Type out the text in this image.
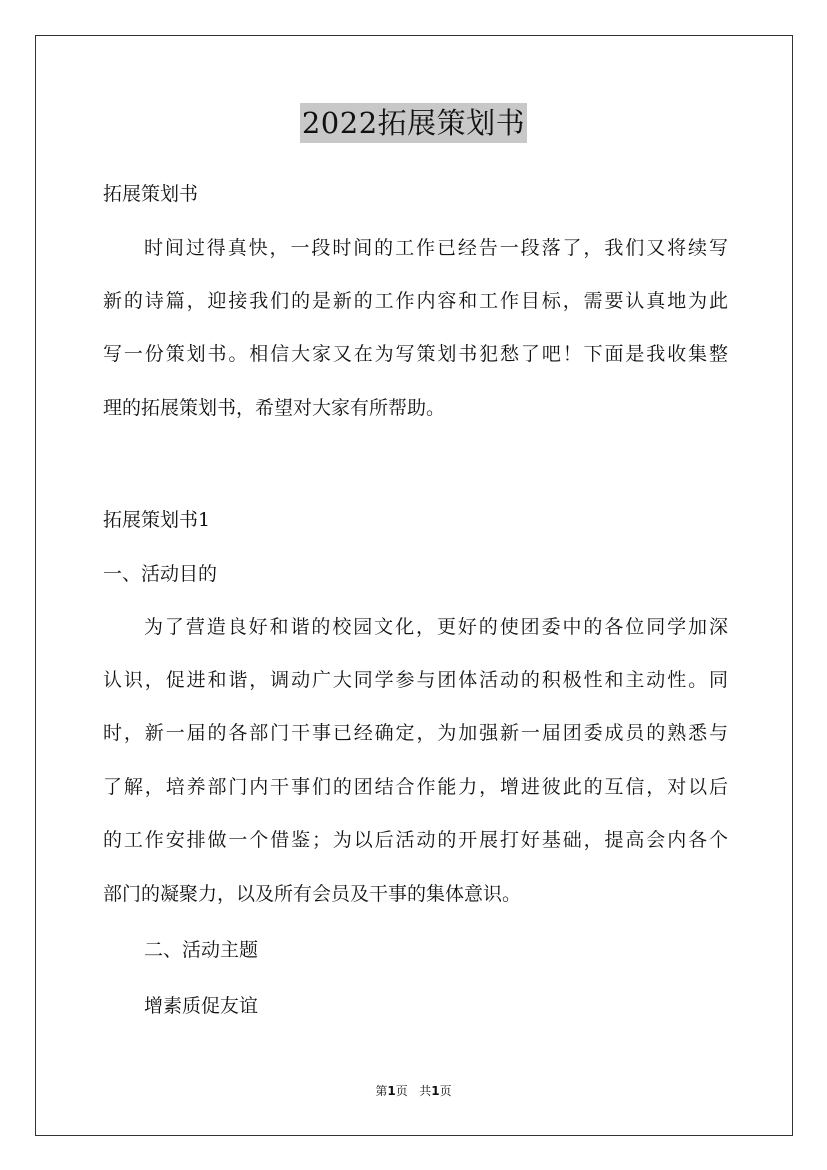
2022拓展策划书
拓展策划书
时间过得真快，一段时间的工作已经告一段落了，我们又将续写
新的诗篇，迎接我们的是新的工作内容和工作目标，需要认真地为此
写一份策划书。相信大家又在为写策划书犯愁了吧！下面是我收集整
理的拓展策划书，希望对大家有所帮助。
拓展策划书1
一、活动目的
为了营造良好和谐的校园文化，更好的使团委中的各位同学加深
认识，促进和谐，调动广大同学参与团体活动的积极性和主动性。同
时，新一届的各部门干事已经确定，为加强新一届团委成员的熟悉与
了解，培养部门内干事们的团结合作能力，增进彼此的互信，对以后
的工作安排做一个借鉴；为以后活动的开展打好基础，提高会内各个
部门的凝聚力，以及所有会员及干事的集体意识。
二、活动主题
增素质促友谊
第1页 共1页
